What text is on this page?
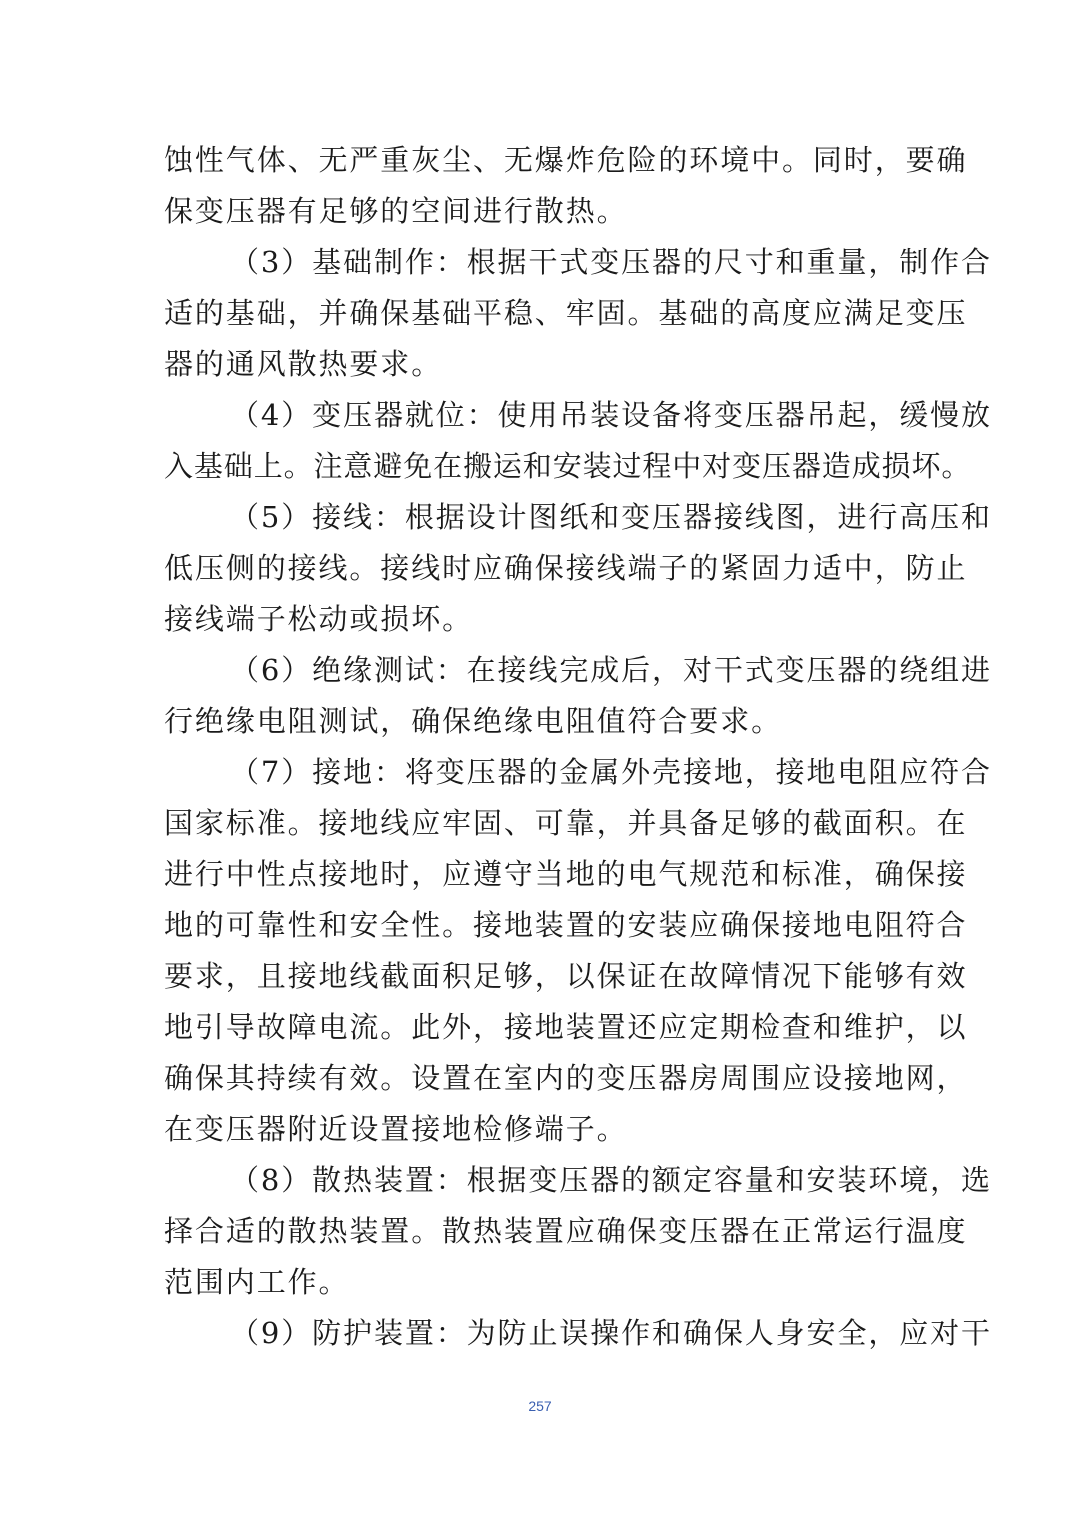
蚀性气体、无严重灰尘、无爆炸危险的环境中。同时，要确
保变压器有足够的空间进行散热。
（3）基础制作：根据干式变压器的尺寸和重量，制作合
适的基础，并确保基础平稳、牢固。基础的高度应满足变压
器的通风散热要求。
（4）变压器就位：使用吊装设备将变压器吊起，缓慢放
入基础上。注意避免在搬运和安装过程中对变压器造成损坏。
（5）接线：根据设计图纸和变压器接线图，进行高压和
低压侧的接线。接线时应确保接线端子的紧固力适中，防止
接线端子松动或损坏。
（6）绝缘测试：在接线完成后，对干式变压器的绕组进
行绝缘电阻测试，确保绝缘电阻值符合要求。
（7）接地：将变压器的金属外壳接地，接地电阻应符合
国家标准。接地线应牢固、可靠，并具备足够的截面积。在
进行中性点接地时，应遵守当地的电气规范和标准，确保接
地的可靠性和安全性。接地装置的安装应确保接地电阻符合
要求，且接地线截面积足够，以保证在故障情况下能够有效
地引导故障电流。此外，接地装置还应定期检查和维护，以
确保其持续有效。设置在室内的变压器房周围应设接地网，
在变压器附近设置接地检修端子。
（8）散热装置：根据变压器的额定容量和安装环境，选
择合适的散热装置。散热装置应确保变压器在正常运行温度
范围内工作。
（9）防护装置：为防止误操作和确保人身安全，应对干
257
